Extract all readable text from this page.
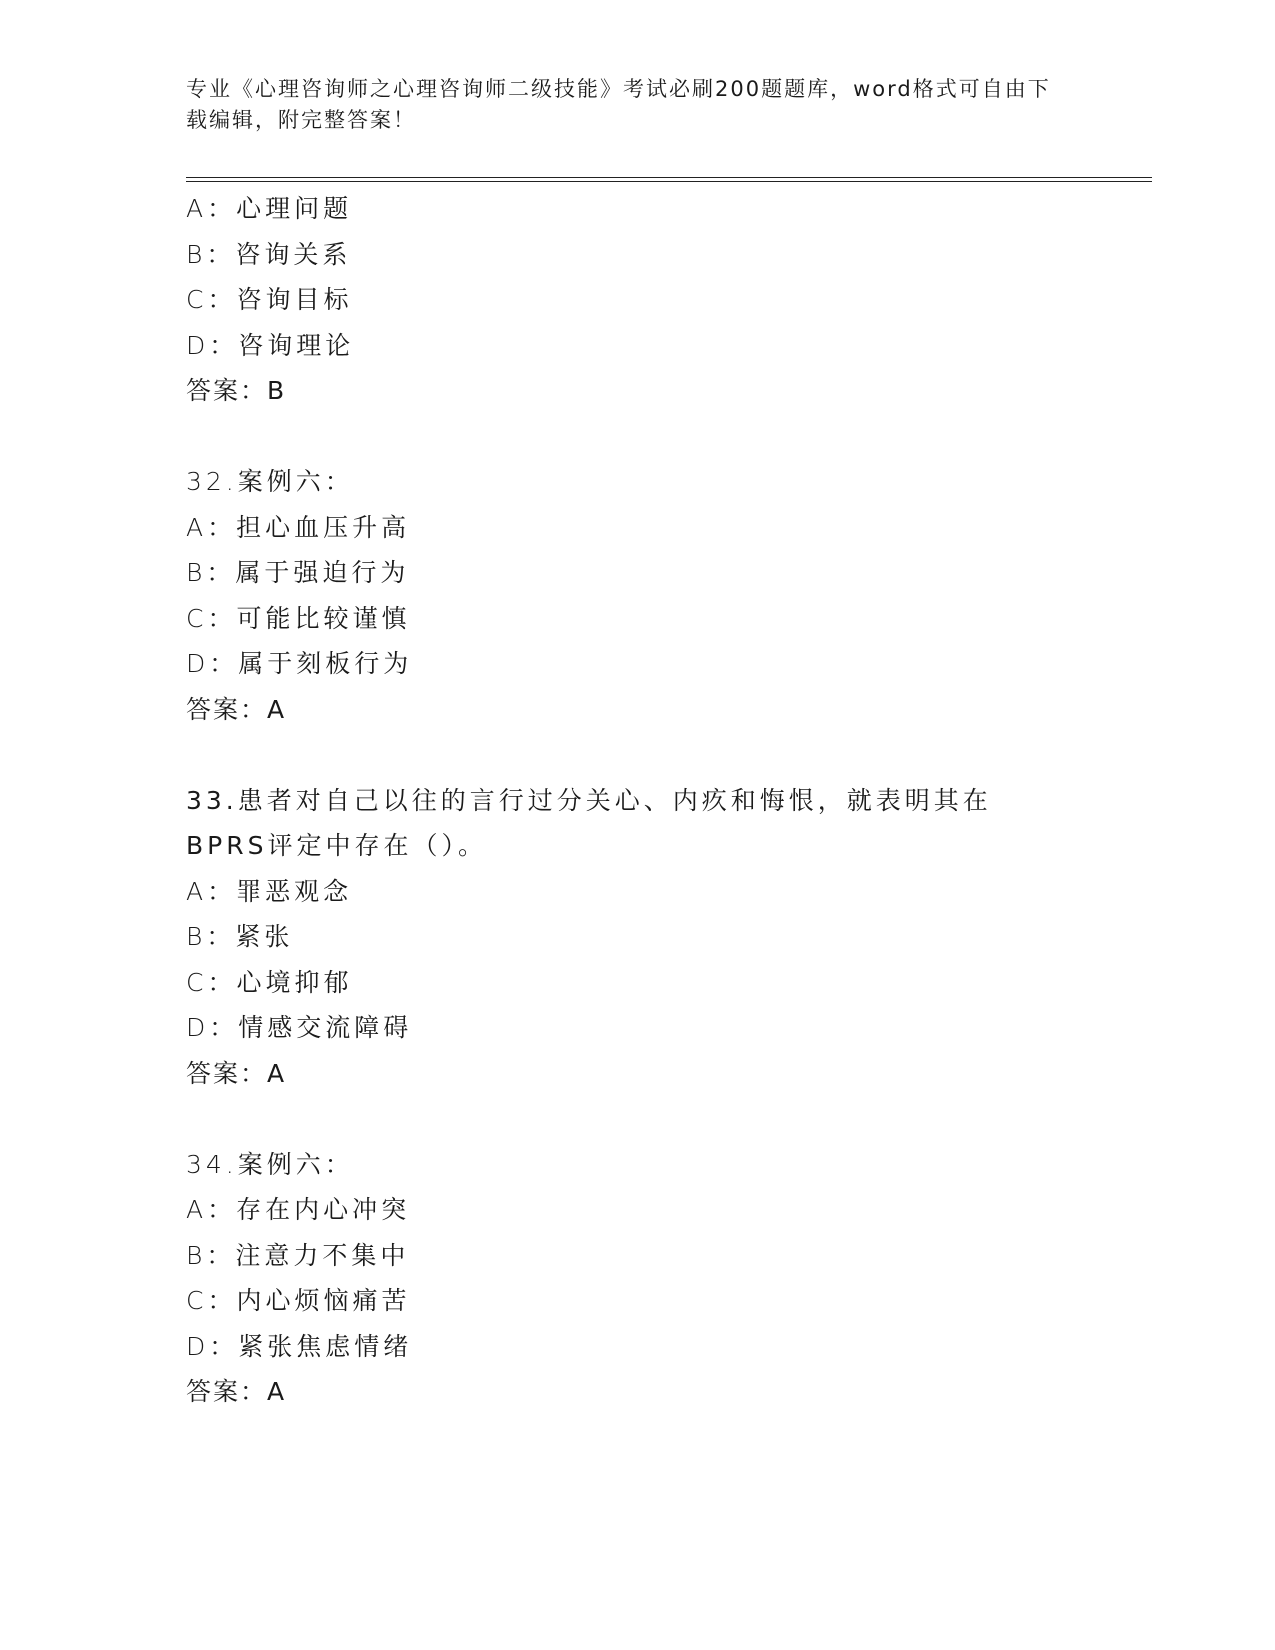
专业《心理咨询师之心理咨询师二级技能》考试必刷200题题库，word格式可自由下载编辑，附完整答案！
A：心理问题
B：咨询关系
C：咨询目标
D：咨询理论
答案：B
32.案例六：
A：担心血压升高
B：属于强迫行为
C：可能比较谨慎
D：属于刻板行为
答案：A
33.患者对自己以往的言行过分关心、内疚和悔恨，就表明其在BPRS评定中存在（）。
A：罪恶观念
B：紧张
C：心境抑郁
D：情感交流障碍
答案：A
34.案例六：
A：存在内心冲突
B：注意力不集中
C：内心烦恼痛苦
D：紧张焦虑情绪
答案：A
